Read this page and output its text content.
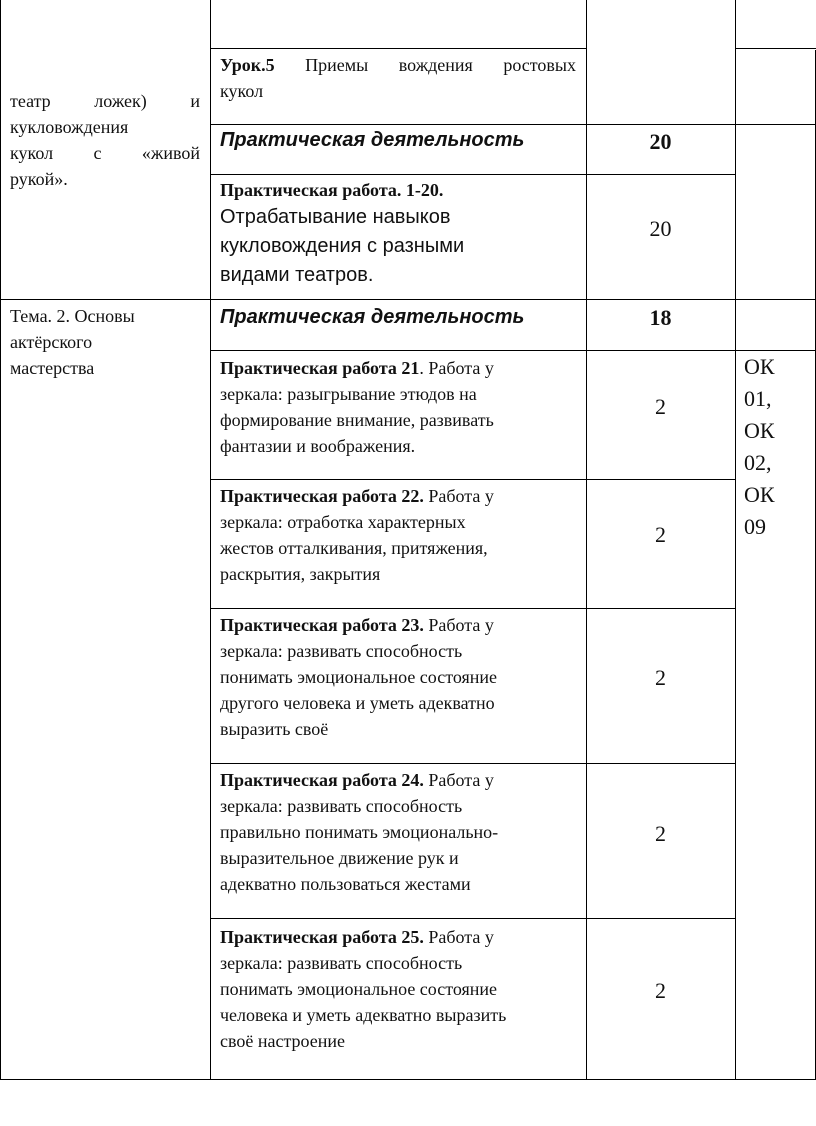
театр ложек) и
кукловождения
кукол с «живой
рукой».
Тема. 2. Основы
актёрского
мастерства
Урок.5 Приемы вождения ростовых
кукол
Практическая деятельность	20
Практическая работа. 1-20.
Отрабатывание навыков
кукловождения с разными
видами театров.
20
Практическая деятельность	18
Практическая работа 21. Работа у
зеркала: разыгрывание этюдов на
формирование внимание, развивать
фантазии и воображения.
2
Практическая работа 22. Работа у
зеркала: отработка характерных
жестов отталкивания, притяжения,
раскрытия, закрытия
2
Практическая работа 23. Работа у
зеркала: развивать способность
понимать эмоциональное состояние
другого человека и уметь адекватно
выразить своё
2
Практическая работа 24. Работа у
зеркала: развивать способность
правильно понимать эмоционально-
выразительное движение рук и
адекватно пользоваться жестами
2
Практическая работа 25. Работа у
зеркала: развивать способность
понимать эмоциональное состояние
человека и уметь адекватно выразить
своё настроение
2
ОК
01,
ОК
02,
ОК
09
